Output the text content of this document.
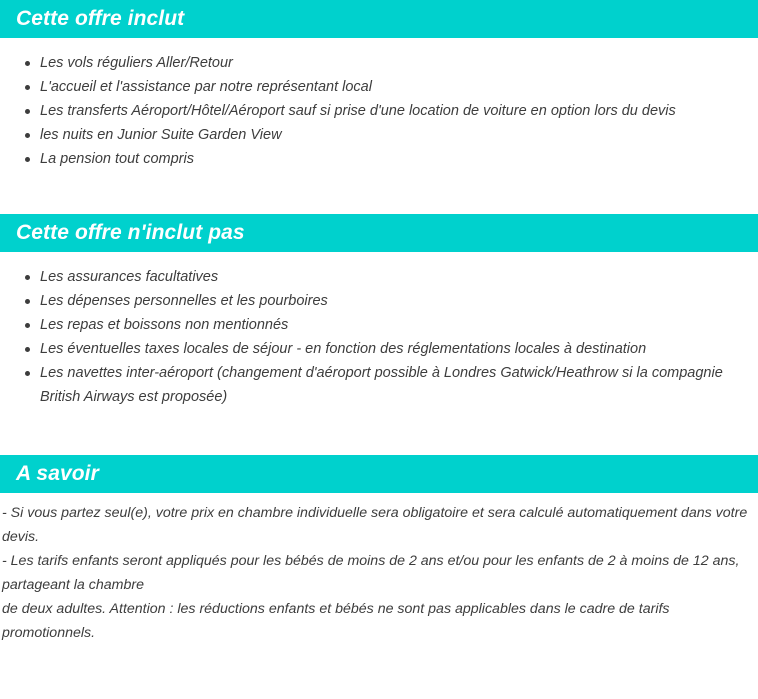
Cette offre inclut
Les vols réguliers Aller/Retour
L'accueil et l'assistance par notre représentant local
Les transferts Aéroport/Hôtel/Aéroport sauf si prise d'une location de voiture en option lors du devis
les nuits en Junior Suite Garden View
La pension tout compris
Cette offre n'inclut pas
Les assurances facultatives
Les dépenses personnelles et les pourboires
Les repas et boissons non mentionnés
Les éventuelles taxes locales de séjour - en fonction des réglementations locales à destination
Les navettes inter-aéroport (changement d'aéroport possible à Londres Gatwick/Heathrow si la compagnie British Airways est proposée)
A savoir

- Si vous partez seul(e), votre prix en chambre individuelle sera obligatoire et sera calculé automatiquement dans votre devis.

- Les tarifs enfants seront appliqués pour les bébés de moins de 2 ans et/ou pour les enfants de 2 à moins de 12 ans, partageant la chambre

de deux adultes. Attention : les réductions enfants et bébés ne sont pas applicables dans le cadre de tarifs promotionnels.
